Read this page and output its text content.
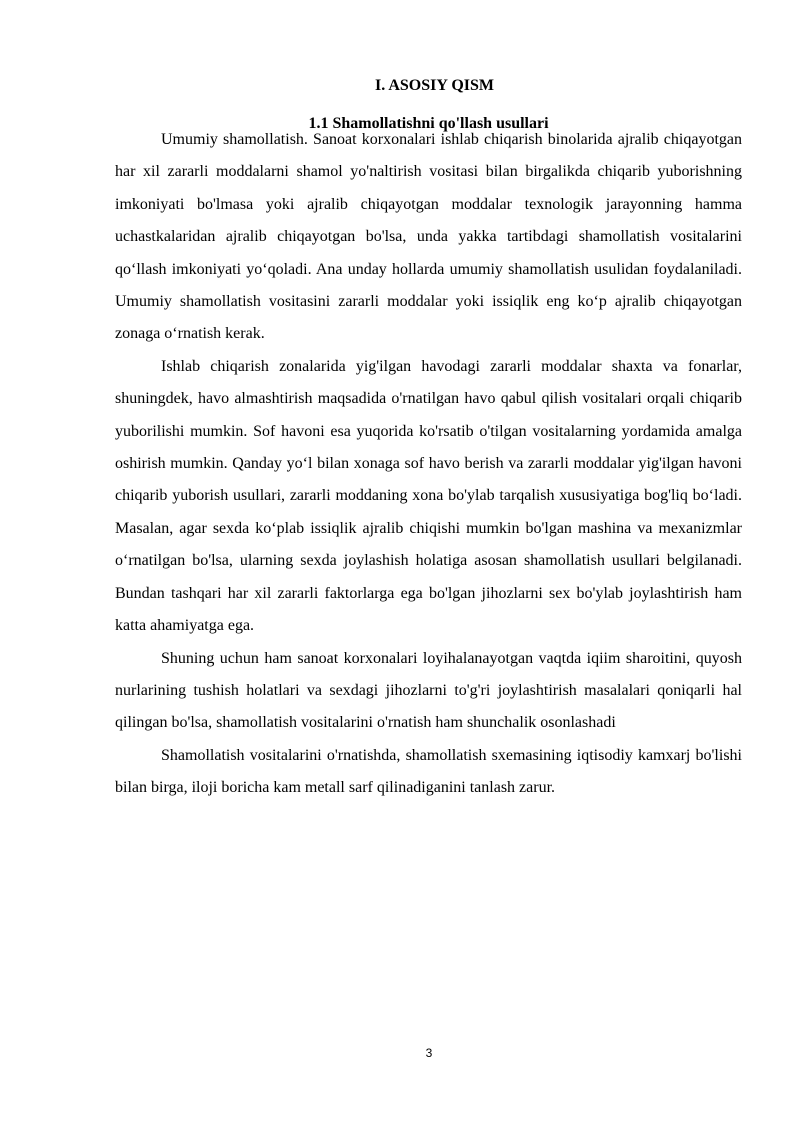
I. ASOSIY QISM
1.1 Shamollatishni qo'llash usullari

Umumiy shamollatish. Sanoat korxonalari ishlab chiqarish binolarida ajralib chiqayotgan har xil zararli moddalarni shamol yo'naltirish vositasi bilan birgalikda chiqarib yuborishning imkoniyati bo'lmasa yoki ajralib chiqayotgan moddalar texnologik jarayonning hamma uchastkalaridan ajralib chiqayotgan bo'lsa, unda yakka tartibdagi shamollatish vositalarini qo‘llash imkoniyati yo‘qoladi. Ana unday hollarda umumiy shamollatish usulidan foydalaniladi. Umumiy shamollatish vositasini zararli moddalar yoki issiqlik eng ko‘p ajralib chiqayotgan zonaga o‘rnatish kerak.

Ishlab chiqarish zonalarida yig'ilgan havodagi zararli moddalar shaxta va fonarlar, shuningdek, havo almashtirish maqsadida o'rnatilgan havo qabul qilish vositalari orqali chiqarib yuborilishi mumkin. Sof havoni esa yuqorida ko'rsatib o'tilgan vositalarning yordamida amalga oshirish mumkin. Qanday yo‘l bilan xonaga sof havo berish va zararli moddalar yig'ilgan havoni chiqarib yuborish usullari, zararli moddaning xona bo'ylab tarqalish xususiyatiga bog'liq bo‘ladi. Masalan, agar sexda ko‘plab issiqlik ajralib chiqishi mumkin bo'lgan mashina va mexanizmlar o‘rnatilgan bo'lsa, ularning sexda joylashish holatiga asosan shamollatish usullari belgilanadi. Bundan tashqari har xil zararli faktorlarga ega bo'lgan jihozlarni sex bo'ylab joylashtirish ham katta ahamiyatga ega.

Shuning uchun ham sanoat korxonalari loyihalanayotgan vaqtda iqiim sharoitini, quyosh nurlarining tushish holatlari va sexdagi jihozlarni to'g'ri joylashtirish masalalari qoniqarli hal qilingan bo'lsa, shamollatish vositalarini o'rnatish ham shunchalik osonlashadi

Shamollatish vositalarini o'rnatishda, shamollatish sxemasining iqtisodiy kamxarj bo'lishi bilan birga, iloji boricha kam metall sarf qilinadiganini tanlash zarur.

3
